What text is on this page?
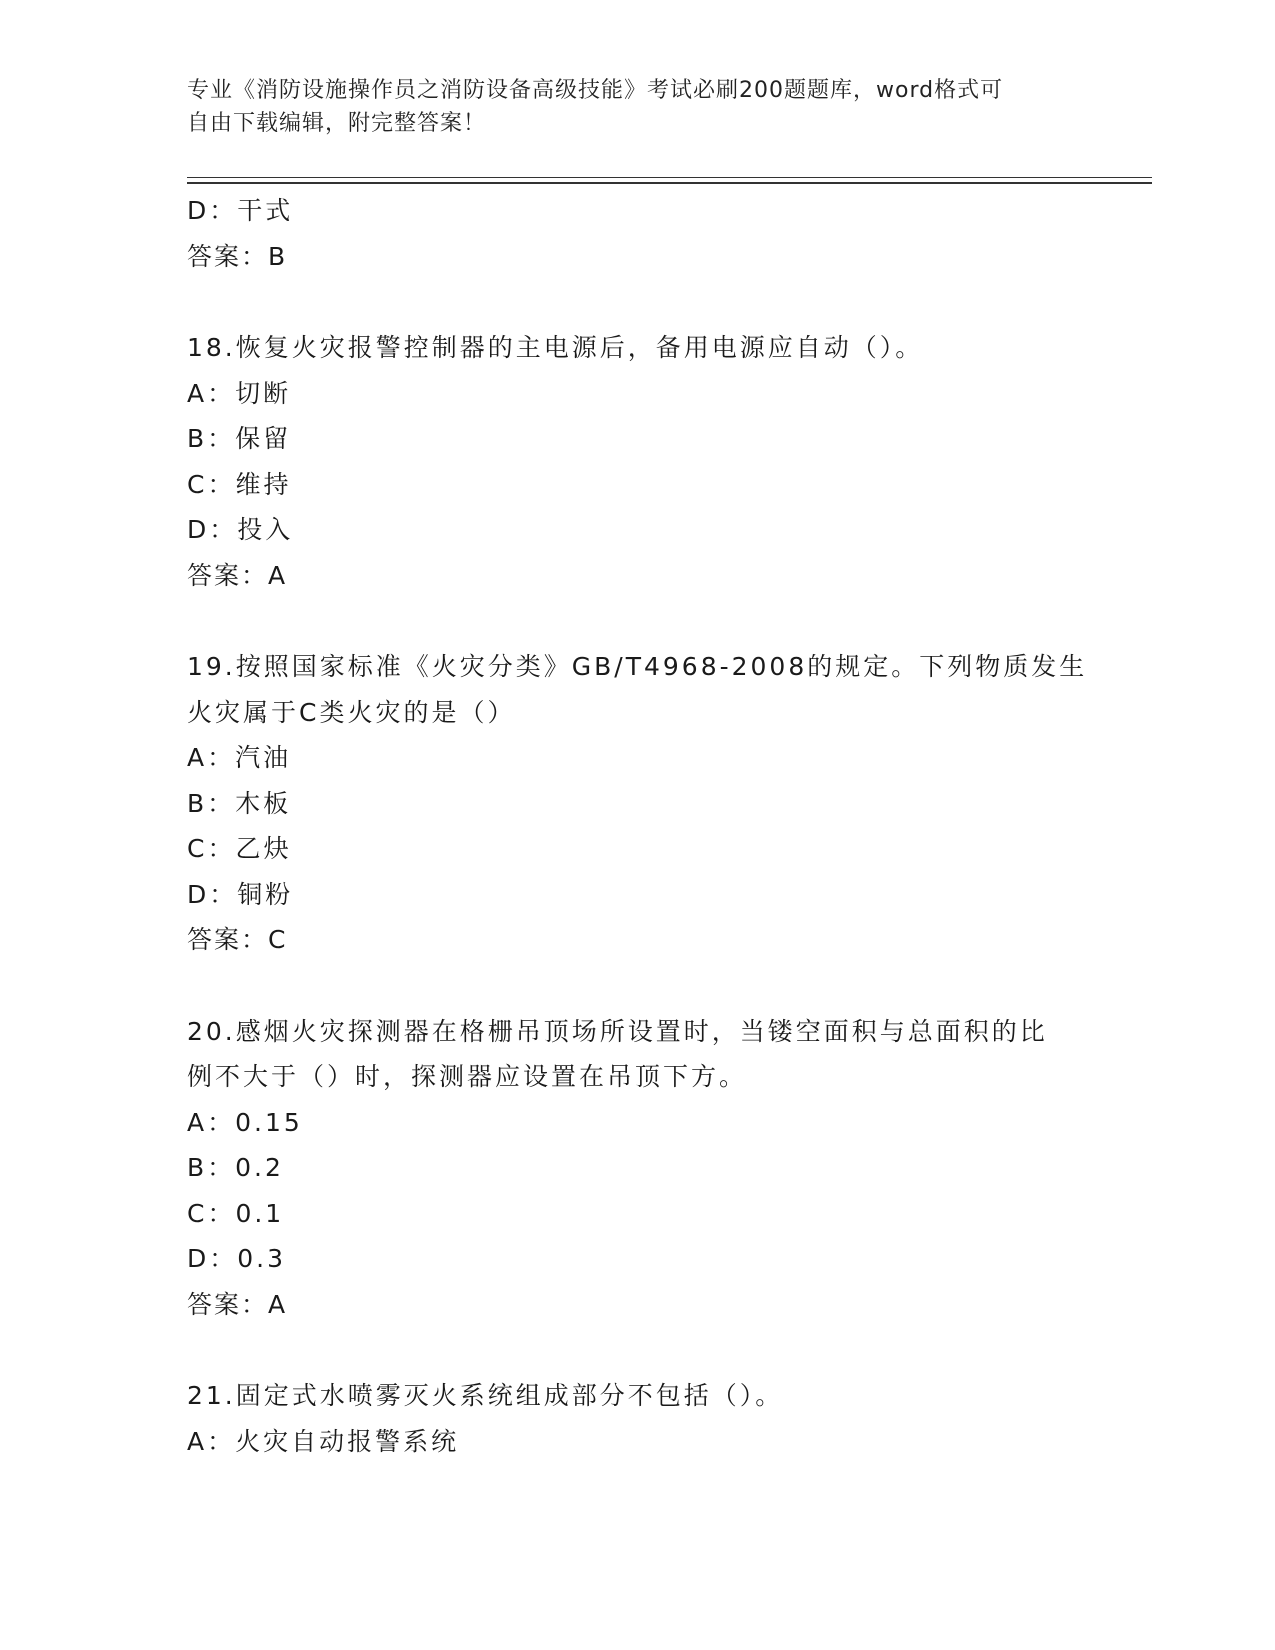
专业《消防设施操作员之消防设备高级技能》考试必刷200题题库，word格式可
自由下载编辑，附完整答案！
D：干式
答案：B
18.恢复火灾报警控制器的主电源后，备用电源应自动（）。
A：切断
B：保留
C：维持
D：投入
答案：A
19.按照国家标准《火灾分类》GB/T4968-2008的规定。下列物质发生
火灾属于C类火灾的是（）
A：汽油
B：木板
C：乙炔
D：铜粉
答案：C
20.感烟火灾探测器在格栅吊顶场所设置时，当镂空面积与总面积的比
例不大于（）时，探测器应设置在吊顶下方。
A：0.15
B：0.2
C：0.1
D：0.3
答案：A
21.固定式水喷雾灭火系统组成部分不包括（）。
A：火灾自动报警系统
